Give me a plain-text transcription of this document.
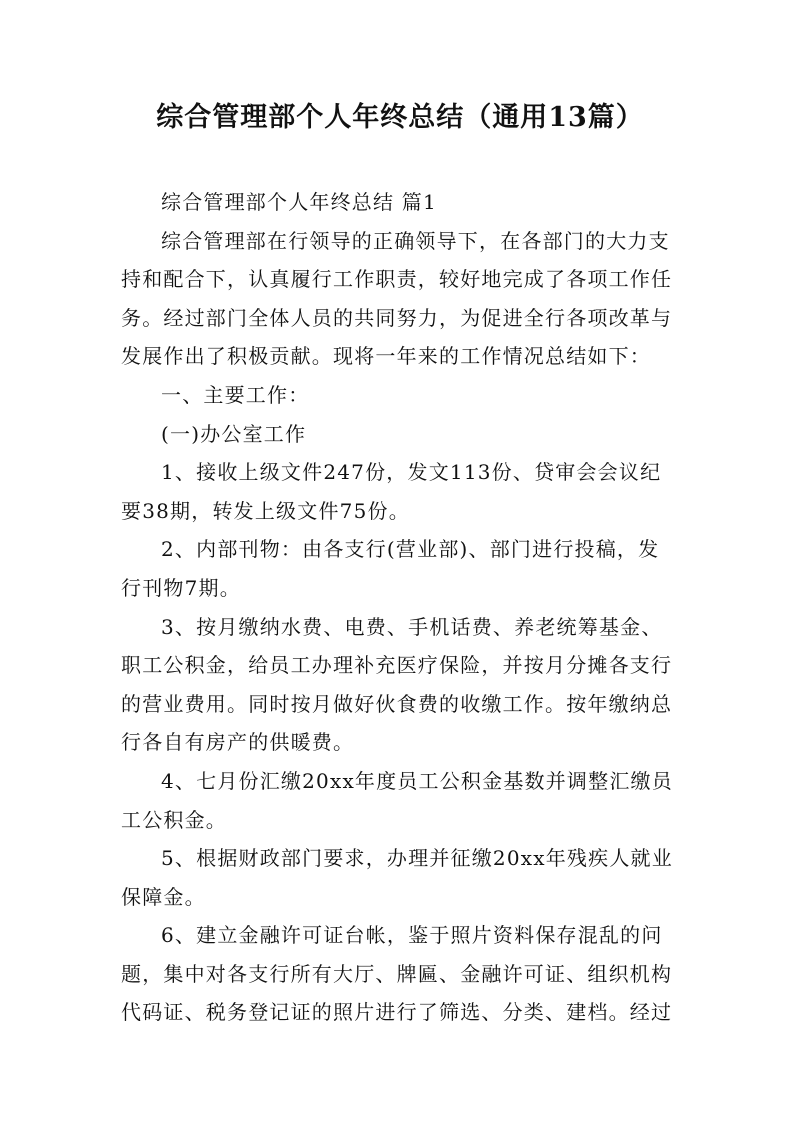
综合管理部个人年终总结（通用13篇）

综合管理部个人年终总结 篇1

综合管理部在行领导的正确领导下，在各部门的大力支
持和配合下，认真履行工作职责，较好地完成了各项工作任
务。经过部门全体人员的共同努力，为促进全行各项改革与
发展作出了积极贡献。现将一年来的工作情况总结如下：

一、主要工作：

(一)办公室工作

1、接收上级文件247份，发文113份、贷审会会议纪
要38期，转发上级文件75份。
2、内部刊物：由各支行(营业部)、部门进行投稿，发
行刊物7期。
3、按月缴纳水费、电费、手机话费、养老统筹基金、
职工公积金，给员工办理补充医疗保险，并按月分摊各支行
的营业费用。同时按月做好伙食费的收缴工作。按年缴纳总
行各自有房产的供暖费。
4、七月份汇缴20xx年度员工公积金基数并调整汇缴员
工公积金。
5、根据财政部门要求，办理并征缴20xx年残疾人就业
保障金。
6、建立金融许可证台帐，鉴于照片资料保存混乱的问
题，集中对各支行所有大厅、牌匾、金融许可证、组织机构
代码证、税务登记证的照片进行了筛选、分类、建档。经过
